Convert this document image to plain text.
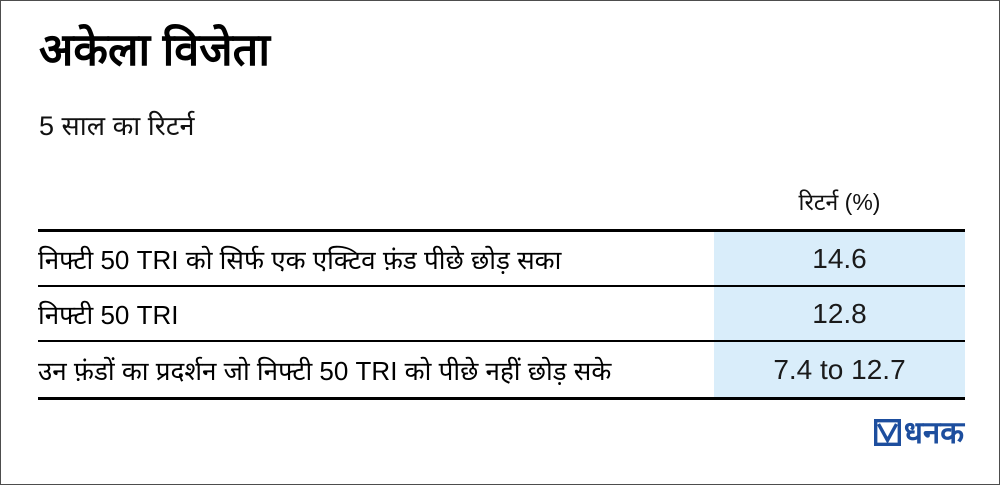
अकेला विजेता
5 साल का रिटर्न
रिटर्न (%)
निफ्टी 50 TRI को सिर्फ एक एक्टिव फ़ंड पीछे छोड़ सका	14.6
निफ्टी 50 TRI	12.8
उन फ़ंडों का प्रदर्शन जो निफ्टी 50 TRI को पीछे नहीं छोड़ सके	7.4 to 12.7
धनक
